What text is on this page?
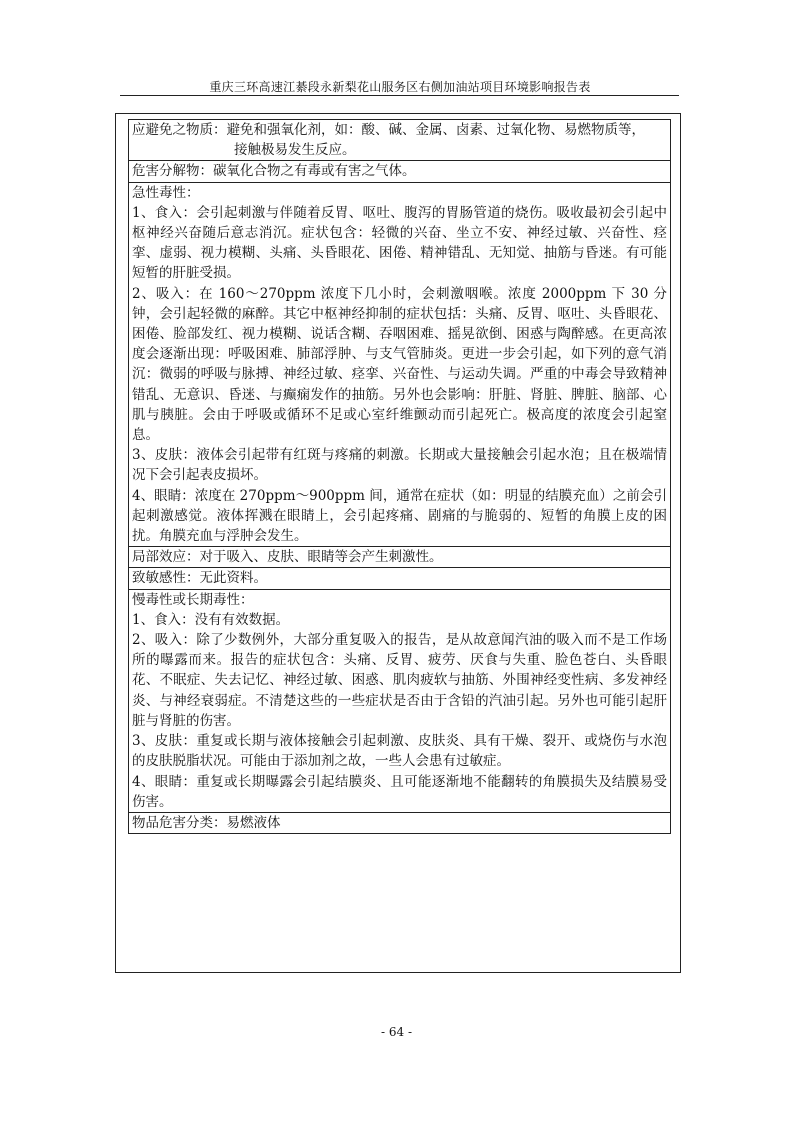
重庆三环高速江綦段永新梨花山服务区右侧加油站项目环境影响报告表

应避免之物质：避免和强氧化剂，如：酸、碱、金属、卤素、过氧化物、易燃物质等，

接触极易发生反应。

危害分解物：碳氧化合物之有毒或有害之气体。

急性毒性：

1、食入：会引起刺激与伴随着反胃、呕吐、腹泻的胃肠管道的烧伤。吸收最初会引起中枢神经兴奋随后意志消沉。症状包含：轻微的兴奋、坐立不安、神经过敏、兴奋性、痉挛、虚弱、视力模糊、头痛、头昏眼花、困倦、精神错乱、无知觉、抽筋与昏迷。有可能短暂的肝脏受损。

2、吸入：在 160～270ppm 浓度下几小时，会刺激咽喉。浓度 2000ppm 下 30 分钟，会引起轻微的麻醉。其它中枢神经抑制的症状包括：头痛、反胃、呕吐、头昏眼花、困倦、脸部发红、视力模糊、说话含糊、吞咽困难、摇晃欲倒、困惑与陶醉感。在更高浓度会逐渐出现：呼吸困难、肺部浮肿、与支气管肺炎。更进一步会引起，如下列的意气消沉：微弱的呼吸与脉搏、神经过敏、痉挛、兴奋性、与运动失调。严重的中毒会导致精神错乱、无意识、昏迷、与癫痫发作的抽筋。另外也会影响：肝脏、肾脏、脾脏、脑部、心肌与胰脏。会由于呼吸或循环不足或心室纤维颤动而引起死亡。极高度的浓度会引起窒息。

3、皮肤：液体会引起带有红斑与疼痛的刺激。长期或大量接触会引起水泡；且在极端情况下会引起表皮损坏。

4、眼睛：浓度在 270ppm～900ppm 间，通常在症状（如：明显的结膜充血）之前会引起刺激感觉。液体挥溅在眼睛上，会引起疼痛、剧痛的与脆弱的、短暂的角膜上皮的困扰。角膜充血与浮肿会发生。

局部效应：对于吸入、皮肤、眼睛等会产生刺激性。

致敏感性：无此资料。

慢毒性或长期毒性：

1、食入：没有有效数据。

2、吸入：除了少数例外，大部分重复吸入的报告，是从故意闻汽油的吸入而不是工作场所的曝露而来。报告的症状包含：头痛、反胃、疲劳、厌食与失重、脸色苍白、头昏眼花、不眠症、失去记忆、神经过敏、困惑、肌肉疲软与抽筋、外围神经变性病、多发神经炎、与神经衰弱症。不清楚这些的一些症状是否由于含铅的汽油引起。另外也可能引起肝脏与肾脏的伤害。

3、皮肤：重复或长期与液体接触会引起刺激、皮肤炎、具有干燥、裂开、或烧伤与水泡的皮肤脱脂状况。可能由于添加剂之故，一些人会患有过敏症。

4、眼睛：重复或长期曝露会引起结膜炎、且可能逐渐地不能翻转的角膜损失及结膜易受伤害。

物品危害分类：易燃液体

- 64 -
